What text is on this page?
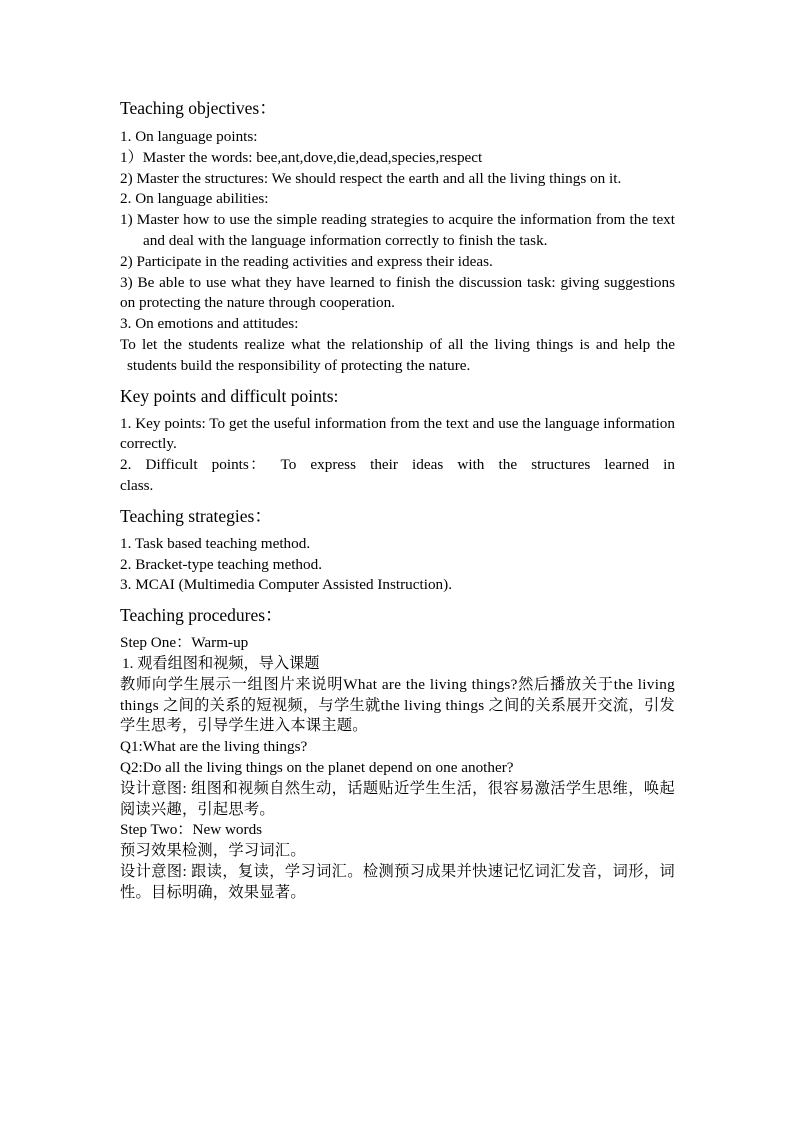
Teaching objectives：

1. On language points:

1）Master the words: bee,ant,dove,die,dead,species,respect

2) Master the structures: We should respect the earth and all the living things on it.

2. On language abilities:

1) Master how to use the simple reading strategies to acquire the information from the text and deal with the language information correctly to finish the task.

2) Participate in the reading activities and express their ideas.

3) Be able to use what they have learned to finish the discussion task: giving suggestions on protecting the nature through cooperation.

3. On emotions and attitudes:

To let the students realize what the relationship of all the living things is and help the students build the responsibility of protecting the nature.

Key points and difficult points:

1. Key points: To get the useful information from the text and use the language information correctly.

2. Difficult points： To express their ideas with the structures learned in class.

Teaching strategies：

1. Task based teaching method.

2. Bracket-type teaching method.

3. MCAI (Multimedia Computer Assisted Instruction).

Teaching procedures：

Step One：Warm-up

1. 观看组图和视频，导入课题

教师向学生展示一组图片来说明What are the living things?然后播放关于the living things 之间的关系的短视频，与学生就the living things 之间的关系展开交流，引发学生思考，引导学生进入本课主题。

Q1:What are the living things?

Q2:Do all the living things on the planet depend on one another?

设计意图: 组图和视频自然生动，话题贴近学生生活，很容易激活学生思维，唤起阅读兴趣，引起思考。

Step Two：New words

预习效果检测，学习词汇。

设计意图: 跟读，复读，学习词汇。检测预习成果并快速记忆词汇发音，词形，词性。目标明确，效果显著。
